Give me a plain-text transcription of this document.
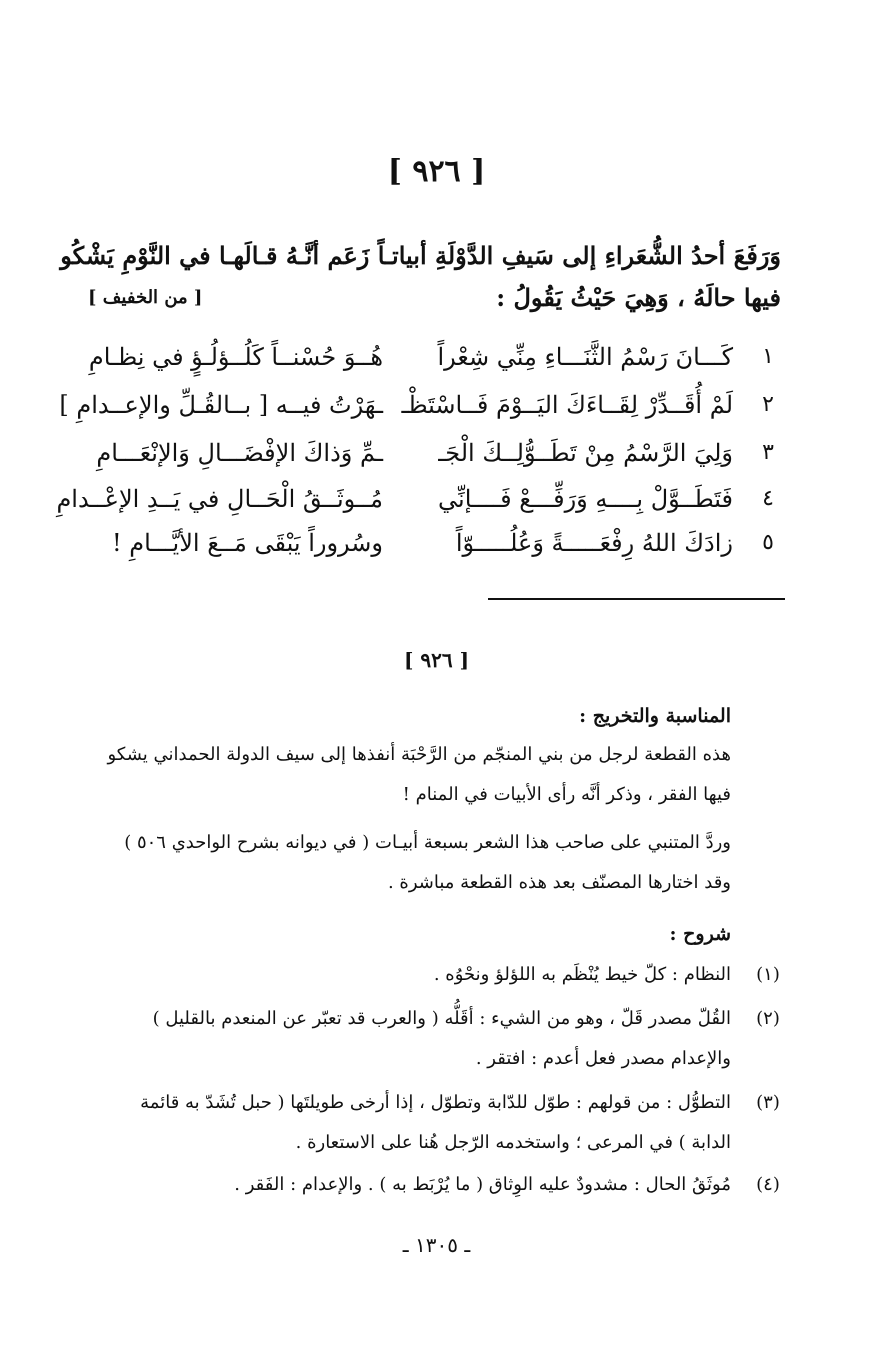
[ ٩٢٦ ]
وَرَفَعَ أحدُ الشُّعَراءِ إلى سَيفِ الدَّوْلَةِ أبياتـاً زَعَم أنَّـهُ قـالَهـا في النَّوْمِ يَشْكُو
فيها حالَهُ ، وَهِيَ حَيْثُ يَقُولُ :
[ من الخفيف ]
١
كَـــانَ رَسْمُ الثَّنَـــاءِ مِنِّي شِعْراً
هُــوَ حُسْنــاً كَلُــؤلُـؤٍ في نِظـامِ
٢
لَمْ أُقَــدِّرْ لِقَــاءَكَ اليَــوْمَ فَــاسْتَظْـ
ـهَرْتُ فيــه [ بــالقُـلِّ والإعــدامِ ]
٣
وَلِيَ الرَّسْمُ مِنْ تَطَــوُّلِــكَ الْجَـ
ـمِّ وَذاكَ الإفْضَـــالِ وَالإنْعَـــامِ
٤
فَتَطَــوَّلْ بِــــهِ وَرَفِّـــعْ فَــــإنِّي
مُــوثَــقُ الْحَــالِ في يَــدِ الإعْــدامِ
٥
زادَكَ اللهُ رِفْعَـــــةً وَعُلُـــــوّاً
وسُروراً يَبْقَى مَــعَ الأيَّـــامِ !
[ ٩٢٦ ]
المناسبة والتخريج :
هذه القطعة لرجل من بني المنجّم من الرَّحْبَة أنفذها إلى سيف الدولة الحمداني يشكو
فيها الفقر ، وذكر أنَّه رأى الأبيات في المنام !
وردَّ المتنبي على صاحب هذا الشعر بسبعة أبيـات ( في ديوانه بشرح الواحدي ٥٠٦ )
وقد اختارها المصنّف بعد هذه القطعة مباشرة .
شروح :
(١)
النظام : كلّ خيط يُنْظَم به اللؤلؤ ونحْوُه .
(٢)
القُلّ مصدر قَلّ ، وهو من الشيء : أقَلُّه ( والعرب قد تعبّر عن المنعدم بالقليل )
والإعدام مصدر فعل أعدم : افتقر .
(٣)
التطوُّل : من قولهم : طوّل للدّابة وتطوّل ، إذا أرخى طويلتَها ( حبل تُشَدّ به قائمة
الدابة ) في المرعى ؛ واستخدمه الرّجل هُنا على الاستعارة .
(٤)
مُوثَقُ الحال : مشدودٌ عليه الوِثاق ( ما يُرْبَط به ) . والإعدام : الفَقر .
ـ ١٣٠٥ ـ
